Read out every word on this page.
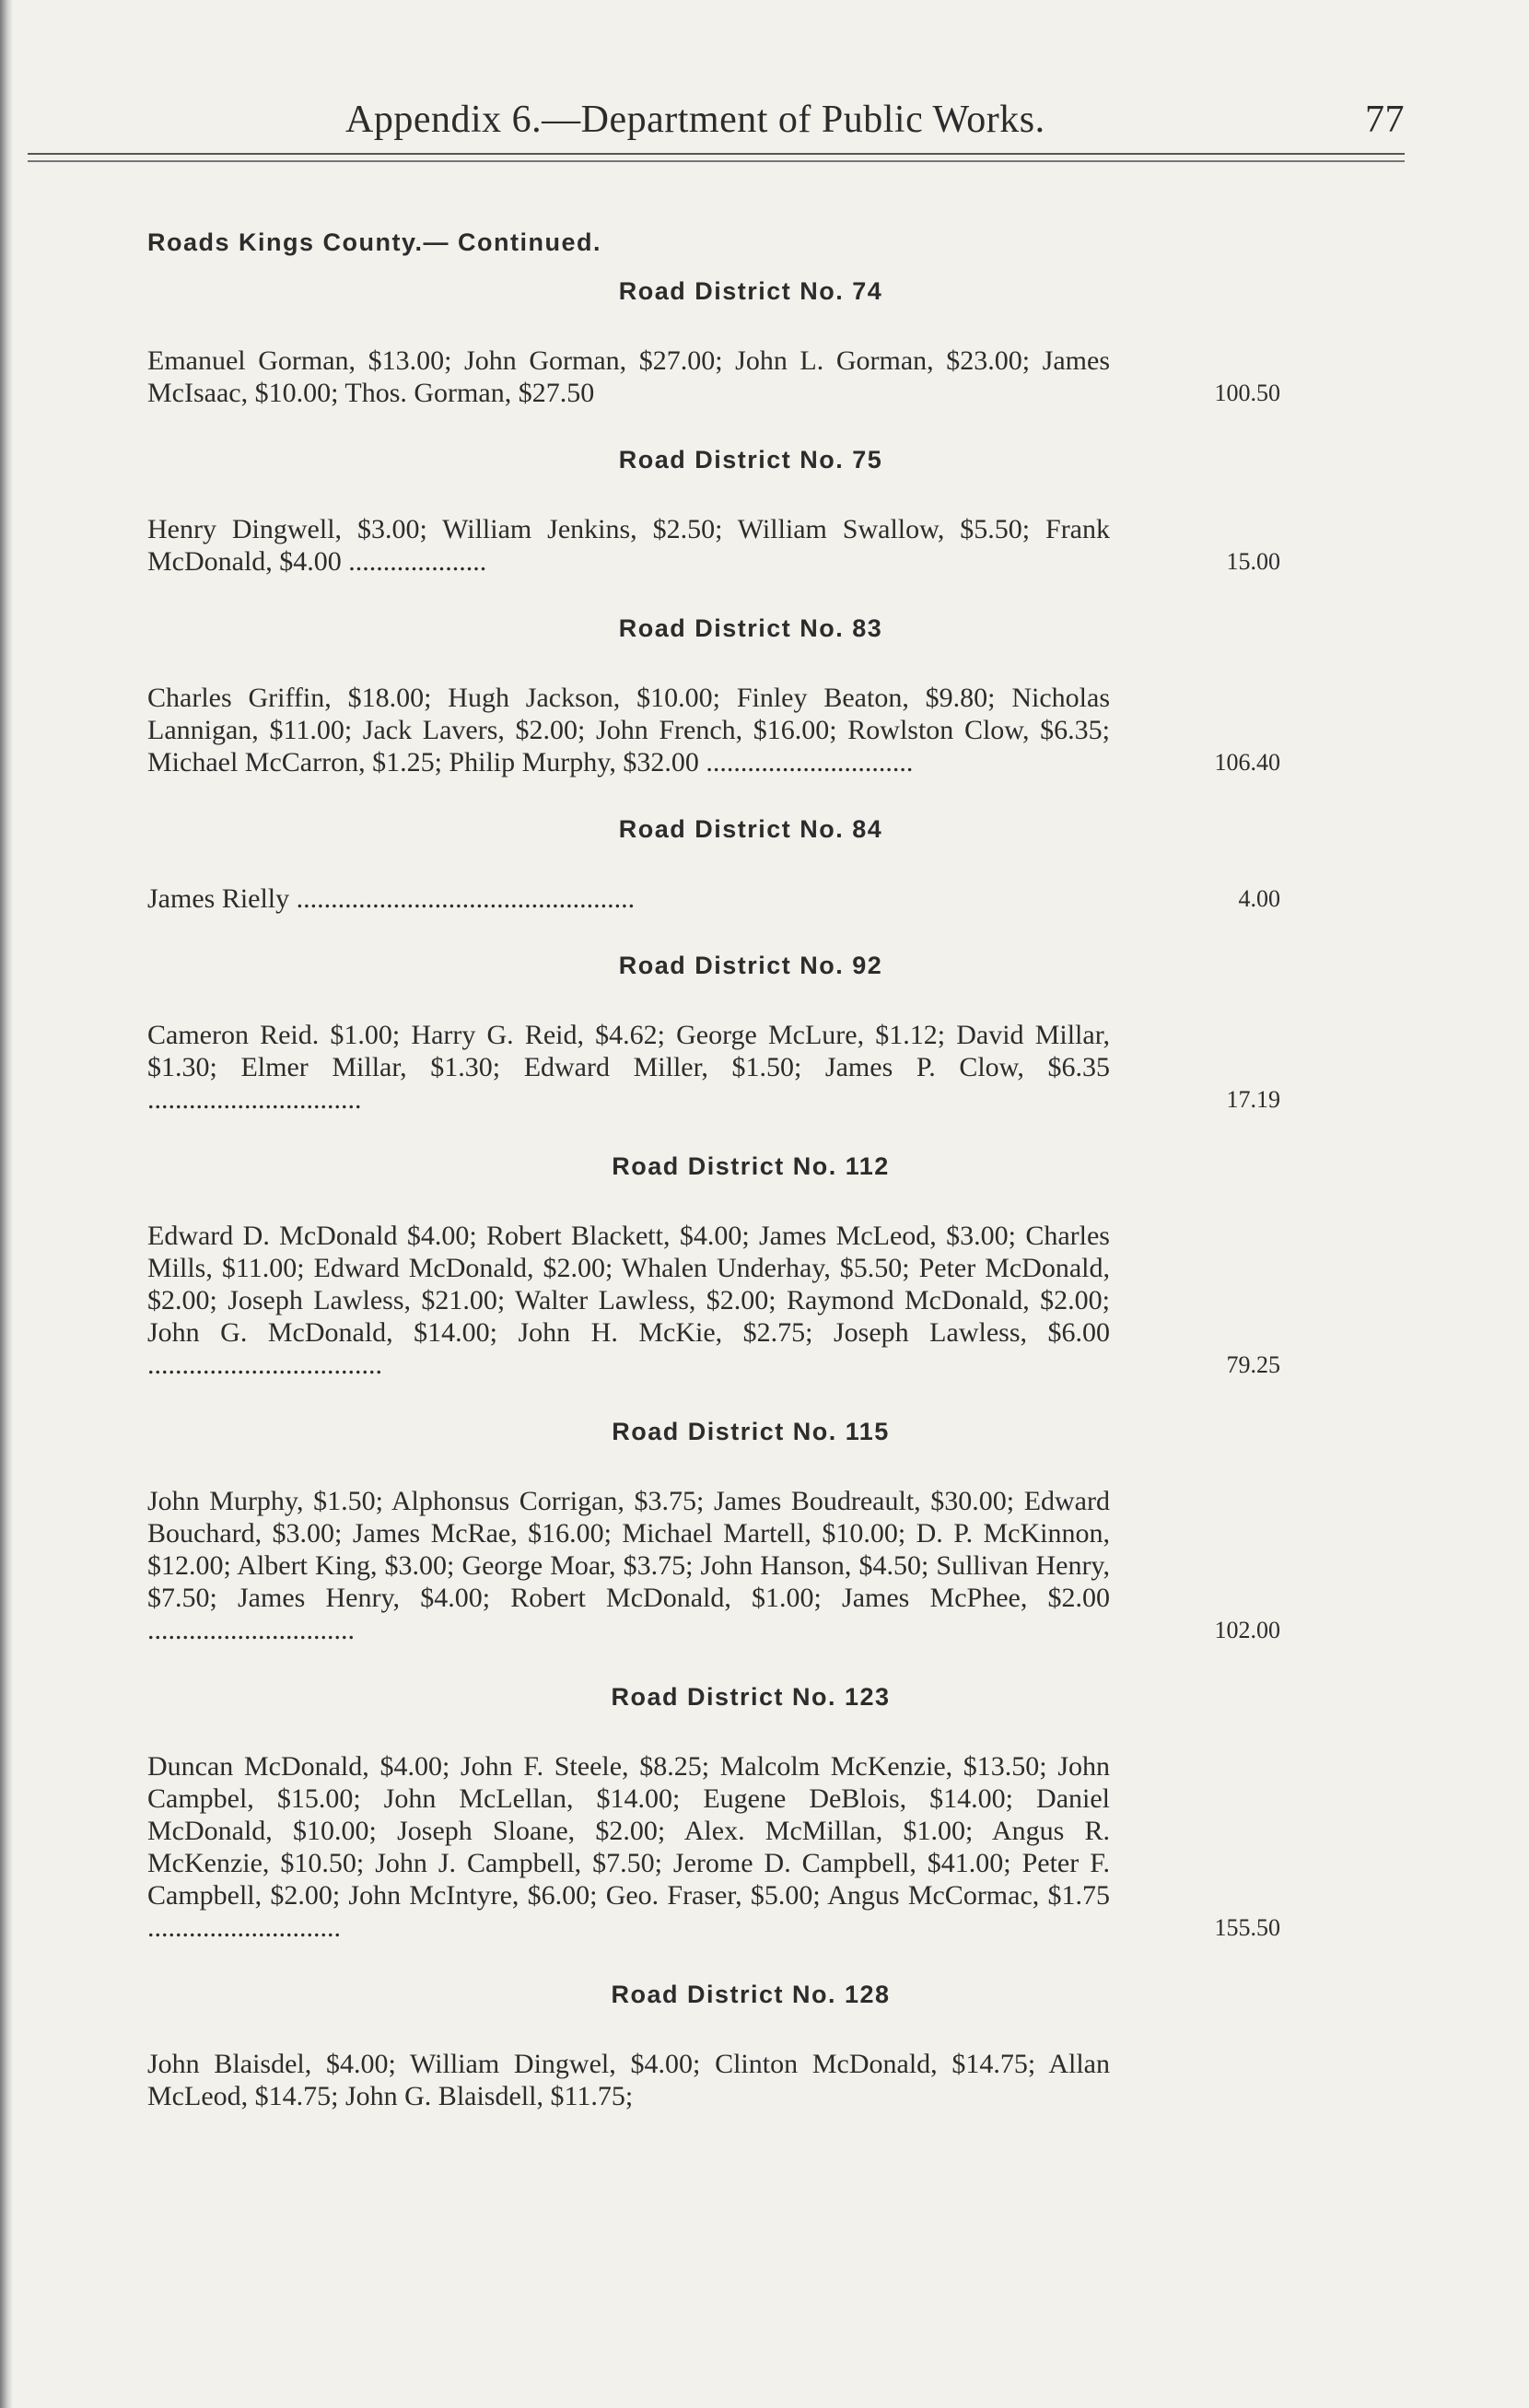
Appendix 6.—Department of Public Works.	77
Roads Kings County.— Continued.
Road District No. 74

Emanuel Gorman, $13.00; John Gorman, $27.00; John L. Gorman, $23.00; James McIsaac, $10.00; Thos. Gorman, $27.50	100.50
Road District No. 75

Henry Dingwell, $3.00; William Jenkins, $2.50; William Swallow, $5.50; Frank McDonald, $4.00 ....................	15.00
Road District No. 83

Charles Griffin, $18.00; Hugh Jackson, $10.00; Finley Beaton, $9.80; Nicholas Lannigan, $11.00; Jack Lavers, $2.00; John French, $16.00; Rowlston Clow, $6.35; Michael McCarron, $1.25; Philip Murphy, $32.00 ..............................	106.40
Road District No. 84

James Rielly .................................................	4.00
Road District No. 92

Cameron Reid. $1.00; Harry G. Reid, $4.62; George McLure, $1.12; David Millar, $1.30; Elmer Millar, $1.30; Edward Miller, $1.50; James P. Clow, $6.35 ...............................	17.19
Road District No. 112

Edward D. McDonald $4.00; Robert Blackett, $4.00; James McLeod, $3.00; Charles Mills, $11.00; Edward McDonald, $2.00; Whalen Underhay, $5.50; Peter McDonald, $2.00; Joseph Lawless, $21.00; Walter Lawless, $2.00; Raymond McDonald, $2.00; John G. McDonald, $14.00; John H. McKie, $2.75; Joseph Lawless, $6.00 ..................................	79.25
Road District No. 115

John Murphy, $1.50; Alphonsus Corrigan, $3.75; James Boudreault, $30.00; Edward Bouchard, $3.00; James McRae, $16.00; Michael Martell, $10.00; D. P. McKinnon, $12.00; Albert King, $3.00; George Moar, $3.75; John Hanson, $4.50; Sullivan Henry, $7.50; James Henry, $4.00; Robert McDonald, $1.00; James McPhee, $2.00 ..............................	102.00
Road District No. 123

Duncan McDonald, $4.00; John F. Steele, $8.25; Malcolm McKenzie, $13.50; John Campbel, $15.00; John McLellan, $14.00; Eugene DeBlois, $14.00; Daniel McDonald, $10.00; Joseph Sloane, $2.00; Alex. McMillan, $1.00; Angus R. McKenzie, $10.50; John J. Campbell, $7.50; Jerome D. Campbell, $41.00; Peter F. Campbell, $2.00; John McIntyre, $6.00; Geo. Fraser, $5.00; Angus McCormac, $1.75 ............................	155.50
Road District No. 128

John Blaisdel, $4.00; William Dingwel, $4.00; Clinton McDonald, $14.75; Allan McLeod, $14.75; John G. Blaisdell, $11.75;
